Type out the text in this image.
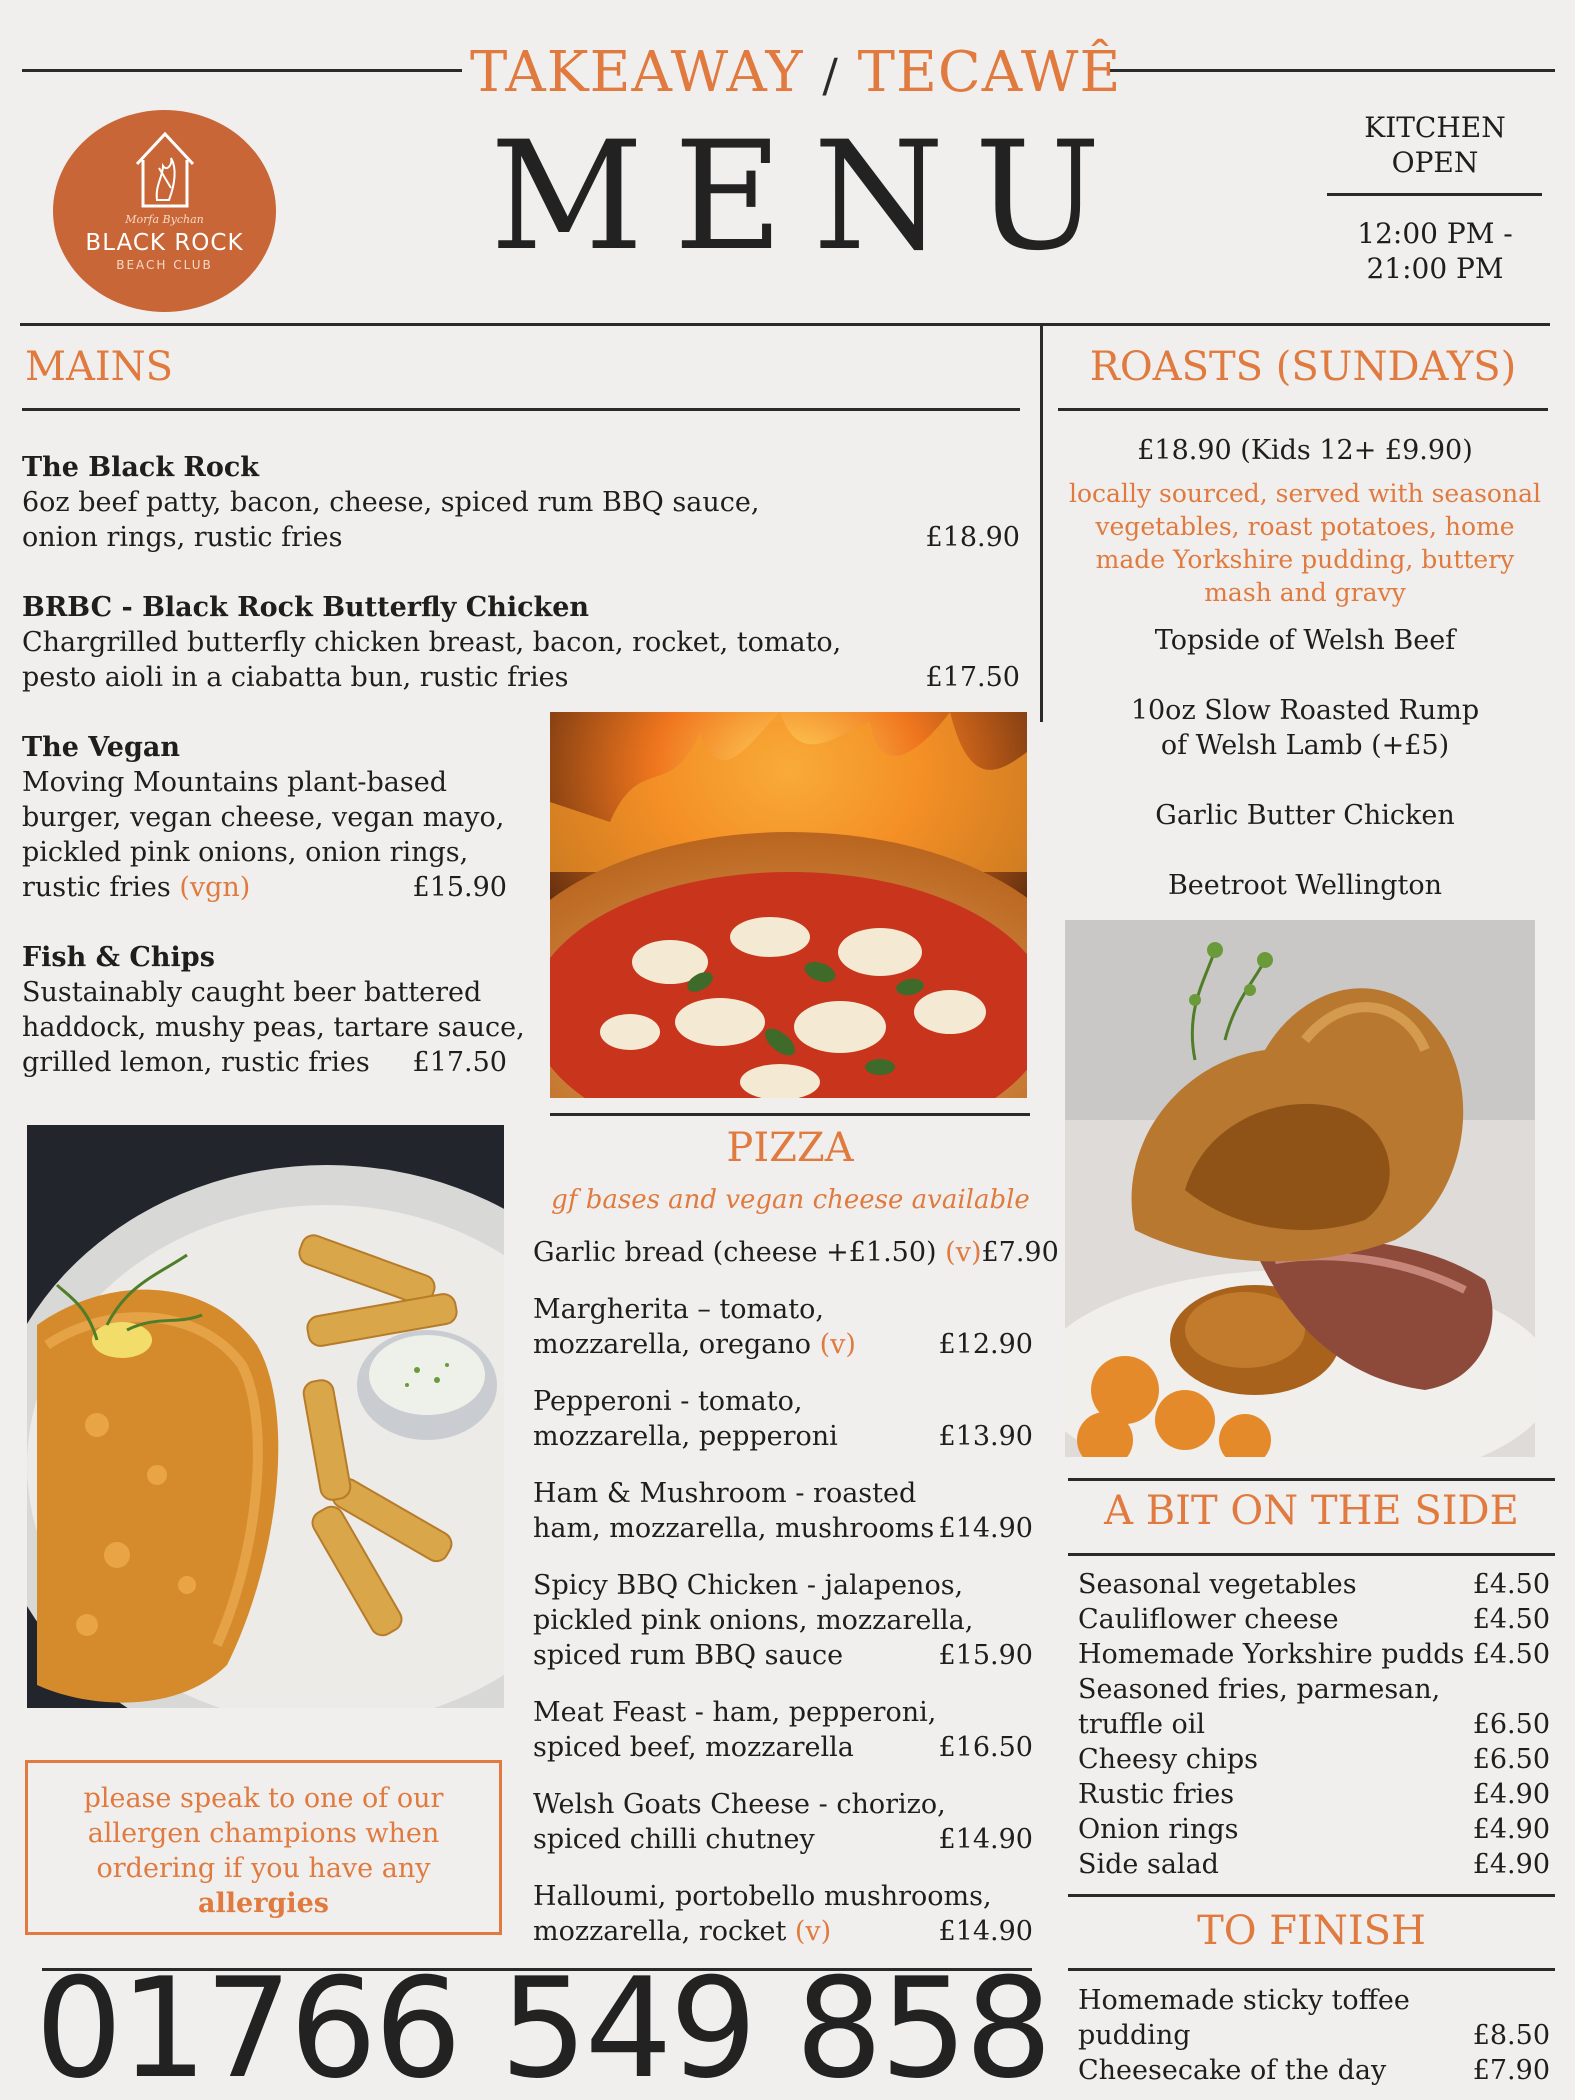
TAKEAWAY / TECAWÊ
MENU
Morfa Bychan
BLACK ROCK
BEACH CLUB
KITCHEN
OPEN
12:00 PM -
21:00 PM
MAINS
The Black Rock
6oz beef patty, bacon, cheese, spiced rum BBQ sauce,
onion rings, rustic fries	£18.90
BRBC - Black Rock Butterfly Chicken
Chargrilled butterfly chicken breast, bacon, rocket, tomato,
pesto aioli in a ciabatta bun, rustic fries	£17.50
The Vegan
Moving Mountains plant-based
burger, vegan cheese, vegan mayo,
pickled pink onions, onion rings,
rustic fries (vgn)	£15.90
Fish & Chips
Sustainably caught beer battered
haddock, mushy peas, tartare sauce,
grilled lemon, rustic fries £17.50
please speak to one of our
allergen champions when
ordering if you have any
allergies
PIZZA
gf bases and vegan cheese available
Garlic bread (cheese +£1.50) (v) £7.90
Margherita – tomato,
mozzarella, oregano (v)	£12.90
Pepperoni - tomato,
mozzarella, pepperoni	£13.90
Ham & Mushroom - roasted
ham, mozzarella, mushrooms £14.90
Spicy BBQ Chicken - jalapenos,
pickled pink onions, mozzarella,
spiced rum BBQ sauce	£15.90
Meat Feast - ham, pepperoni,
spiced beef, mozzarella	£16.50
Welsh Goats Cheese - chorizo,
spiced chilli chutney	£14.90
Halloumi, portobello mushrooms,
mozzarella, rocket (v)	£14.90
ROASTS (SUNDAYS)
£18.90 (Kids 12+ £9.90)
locally sourced, served with seasonal
vegetables, roast potatoes, home
made Yorkshire pudding, buttery
mash and gravy
Topside of Welsh Beef
10oz Slow Roasted Rump
of Welsh Lamb (+£5)
Garlic Butter Chicken
Beetroot Wellington
A BIT ON THE SIDE
Seasonal vegetables	£4.50
Cauliflower cheese	£4.50
Homemade Yorkshire pudds £4.50
Seasoned fries, parmesan,
truffle oil	£6.50
Cheesy chips	£6.50
Rustic fries	£4.90
Onion rings	£4.90
Side salad	£4.90
TO FINISH
Homemade sticky toffee
pudding	£8.50
Cheesecake of the day	£7.90
01766 549 858
